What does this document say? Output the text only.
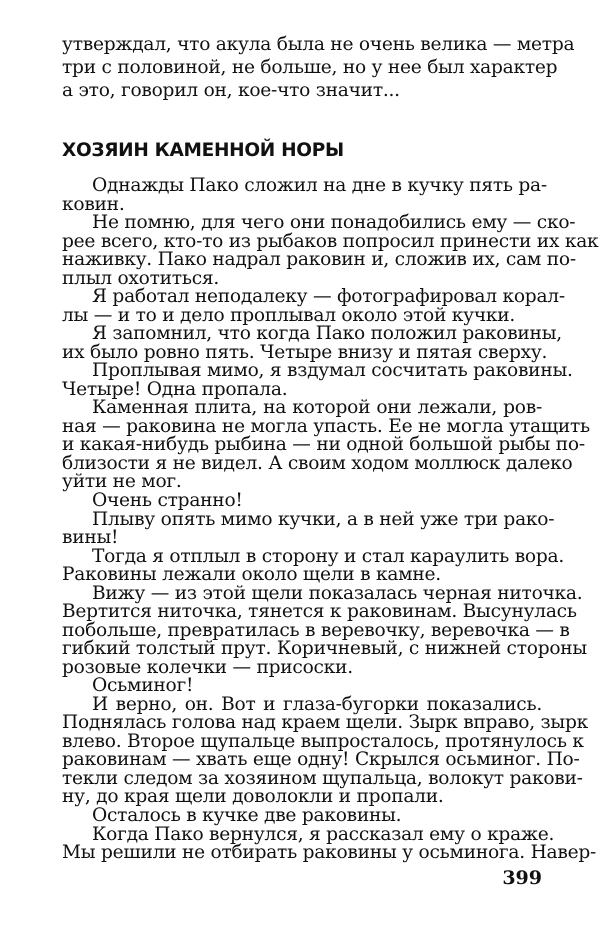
утверждал, что акула была не очень велика — метра
три с половиной, не больше, но у нее был характер
а это, говорил он, кое-что значит...
ХОЗЯИН КАМЕННОЙ НОРЫ
Однажды Пако сложил на дне в кучку пять ра-
ковин.
Не помню, для чего они понадобились ему — ско-
рее всего, кто-то из рыбаков попросил принести их как
наживку. Пако надрал раковин и, сложив их, сам по-
плыл охотиться.
Я работал неподалеку — фотографировал корал-
лы — и то и дело проплывал около этой кучки.
Я запомнил, что когда Пако положил раковины,
их было ровно пять. Четыре внизу и пятая сверху.
Проплывая мимо, я вздумал сосчитать раковины.
Четыре! Одна пропала.
Каменная плита, на которой они лежали, ров-
ная — раковина не могла упасть. Ее не могла утащить
и какая-нибудь рыбина — ни одной большой рыбы по-
близости я не видел. А своим ходом моллюск далеко
уйти не мог.
Очень странно!
Плыву опять мимо кучки, а в ней уже три рако-
вины!
Тогда я отплыл в сторону и стал караулить вора.
Раковины лежали около щели в камне.
Вижу — из этой щели показалась черная ниточка.
Вертится ниточка, тянется к раковинам. Высунулась
побольше, превратилась в веревочку, веревочка — в
гибкий толстый прут. Коричневый, с нижней стороны
розовые колечки — присоски.
Осьминог!
И верно, он. Вот и глаза-бугорки показались.
Поднялась голова над краем щели. Зырк вправо, зырк
влево. Второе щупальце выпросталось, протянулось к
раковинам — хвать еще одну! Скрылся осьминог. По-
текли следом за хозяином щупальца, волокут ракови-
ну, до края щели доволокли и пропали.
399
Осталось в кучке две раковины.
Когда Пако вернулся, я рассказал ему о краже.
Мы решили не отбирать раковины у осьминога. Навер-
